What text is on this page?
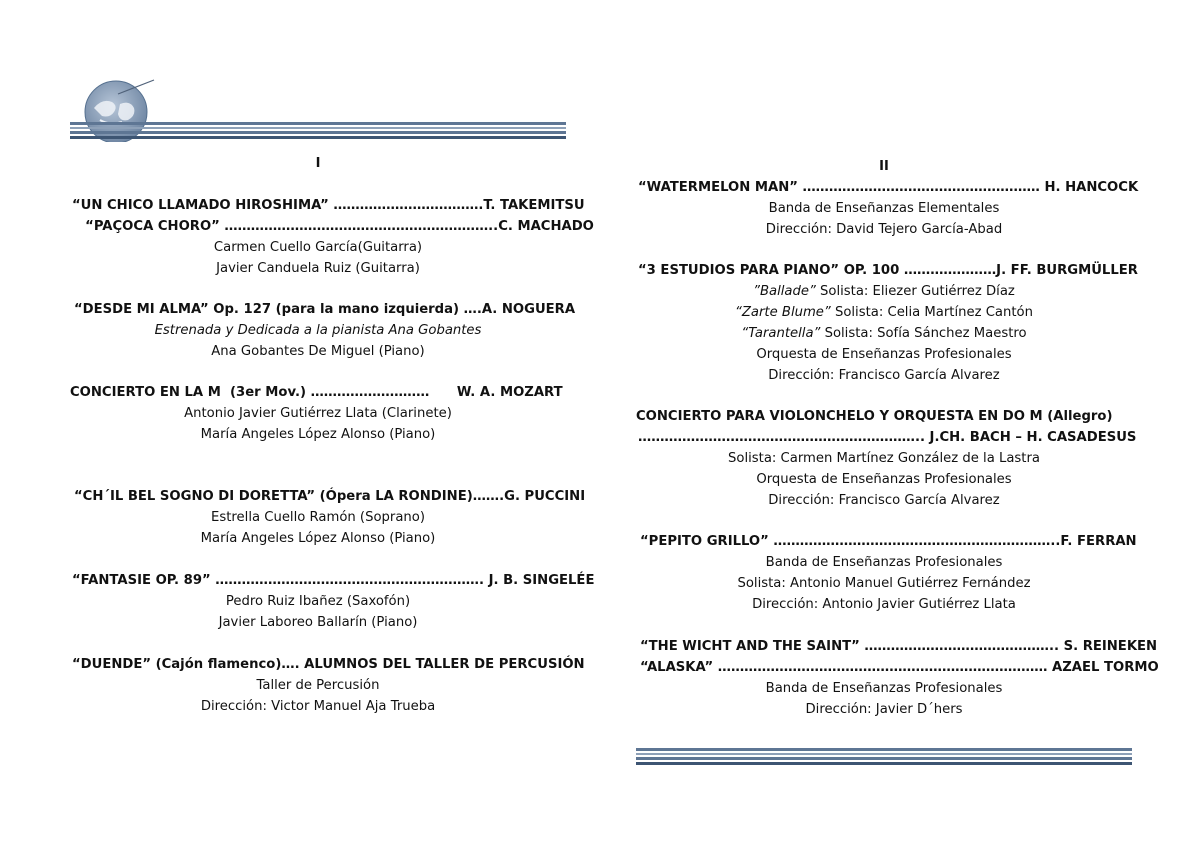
I
“UN CHICO LLAMADO HIROSHIMA” …………………………….T. TAKEMITSU
“PAÇOCA CHORO” ……………………………………………………..C. MACHADO
Carmen Cuello García(Guitarra)
Javier Canduela Ruiz (Guitarra)
“DESDE MI ALMA” Op. 127 (para la mano izquierda) ….A. NOGUERA
Estrenada y Dedicada a la pianista Ana Gobantes
Ana Gobantes De Miguel (Piano)
CONCIERTO EN LA M  (3er Mov.) ………………………      W. A. MOZART
Antonio Javier Gutiérrez Llata (Clarinete)
María Angeles López Alonso (Piano)
“CH´IL BEL SOGNO DI DORETTA” (Ópera LA RONDINE)…….G. PUCCINI
Estrella Cuello Ramón (Soprano)
María Angeles López Alonso (Piano)
“FANTASIE OP. 89” ……………………………………………………. J. B. SINGELÉE
Pedro Ruiz Ibañez (Saxofón)
Javier Laboreo Ballarín (Piano)
“DUENDE” (Cajón flamenco)…. ALUMNOS DEL TALLER DE PERCUSIÓN
Taller de Percusión
Dirección: Victor Manuel Aja Trueba
II
“WATERMELON MAN” ……………………………………………… H. HANCOCK
Banda de Enseñanzas Elementales
Dirección: David Tejero García-Abad
“3 ESTUDIOS PARA PIANO” OP. 100 …………………J. FF. BURGMÜLLER
”Ballade” Solista: Eliezer Gutiérrez Díaz
“Zarte Blume” Solista: Celia Martínez Cantón
“Tarantella” Solista: Sofía Sánchez Maestro
Orquesta de Enseñanzas Profesionales
Dirección: Francisco García Alvarez
CONCIERTO PARA VIOLONCHELO Y ORQUESTA EN DO M (Allegro)
……………………………………………………….. J.CH. BACH – H. CASADESUS
Solista: Carmen Martínez González de la Lastra
Orquesta de Enseñanzas Profesionales
Dirección: Francisco García Alvarez
“PEPITO GRILLO” ………………………………………………………..F. FERRAN
Banda de Enseñanzas Profesionales
Solista: Antonio Manuel Gutiérrez Fernández
Dirección: Antonio Javier Gutiérrez Llata
“THE WICHT AND THE SAINT” …………………………………….. S. REINEKEN
“ALASKA” ………………………………………………………………… AZAEL TORMO
Banda de Enseñanzas Profesionales
Dirección: Javier D´hers
